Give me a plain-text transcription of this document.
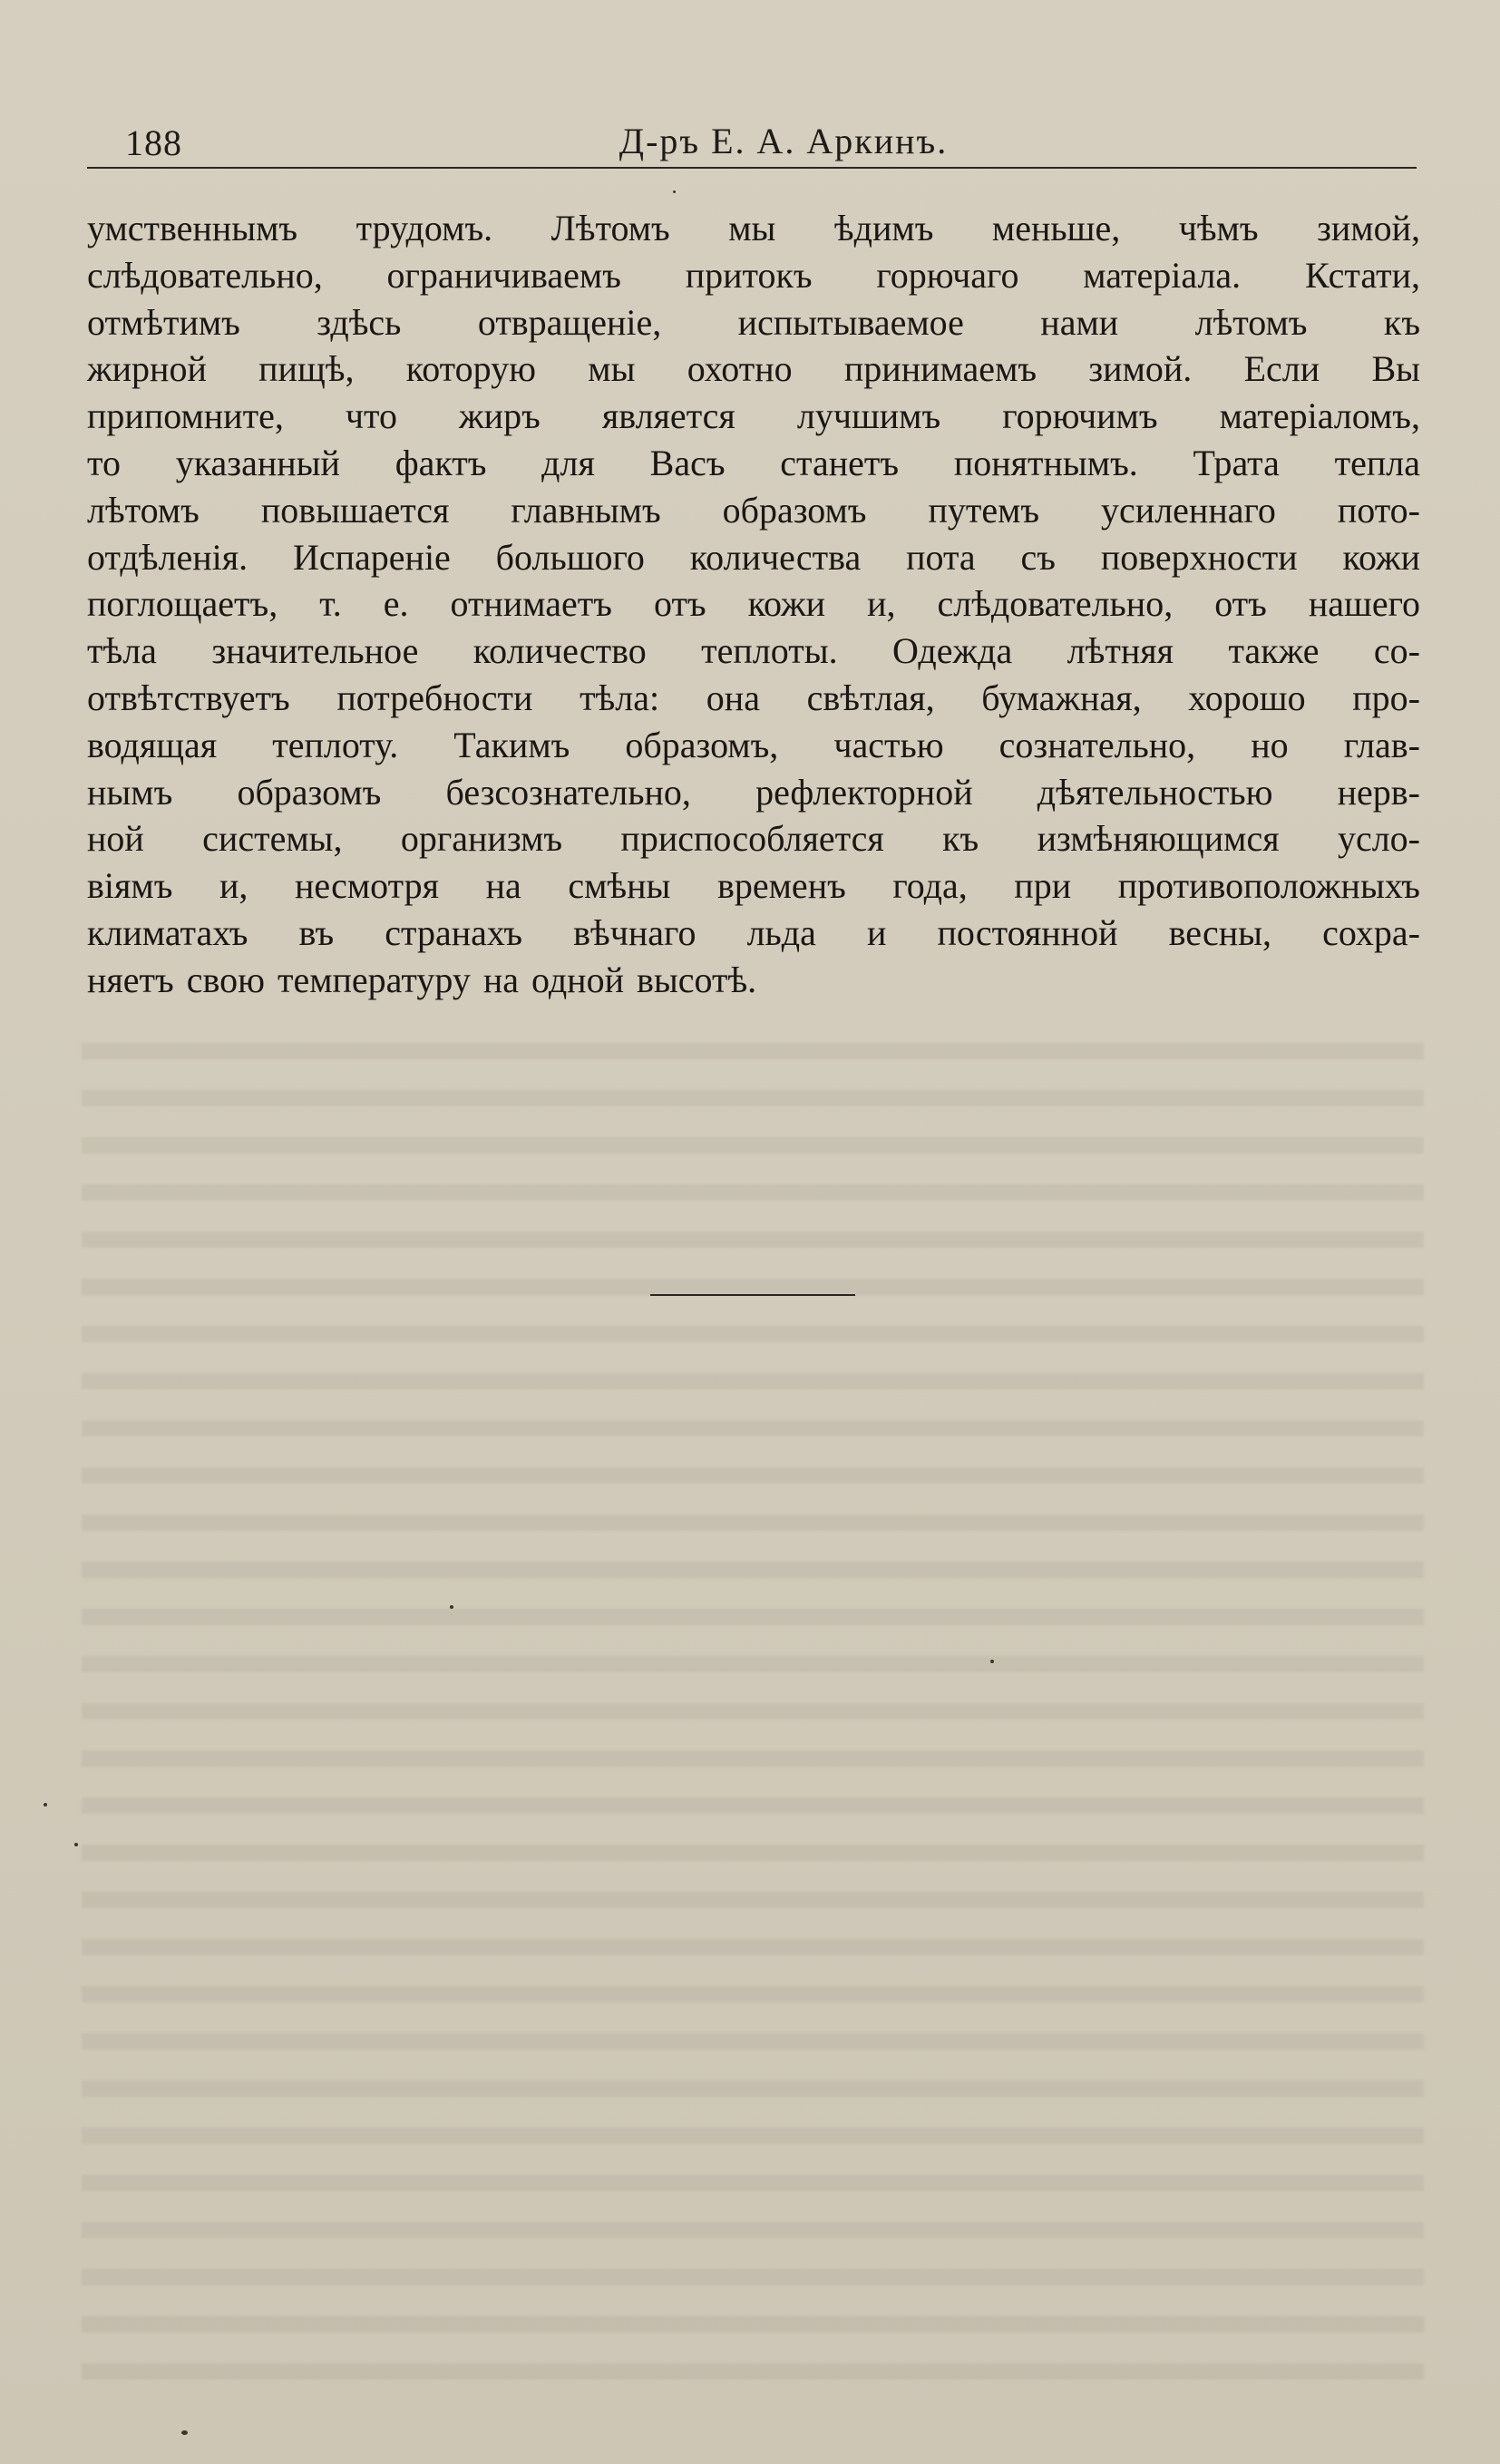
188	Д-ръ Е. А. Аркинъ.

умственнымъ трудомъ. Лѣтомъ мы ѣдимъ меньше, чѣмъ зимой,
слѣдовательно, ограничиваемъ притокъ горючаго матеріала. Кстати,
отмѣтимъ здѣсь отвращеніе, испытываемое нами лѣтомъ къ
жирной пищѣ, которую мы охотно принимаемъ зимой. Если Вы
припомните, что жиръ является лучшимъ горючимъ матеріаломъ,
то указанный фактъ для Васъ станетъ понятнымъ. Трата тепла
лѣтомъ повышается главнымъ образомъ путемъ усиленнаго пото-
отдѣленія. Испареніе большого количества пота съ поверхности кожи
поглощаетъ, т. е. отнимаетъ отъ кожи и, слѣдовательно, отъ нашего
тѣла значительное количество теплоты. Одежда лѣтняя также со-
отвѣтствуетъ потребности тѣла: она свѣтлая, бумажная, хорошо про-
водящая теплоту. Такимъ образомъ, частью сознательно, но глав-
нымъ образомъ безсознательно, рефлекторной дѣятельностью нерв-
ной системы, организмъ приспособляется къ измѣняющимся усло-
віямъ и, несмотря на смѣны временъ года, при противоположныхъ
климатахъ въ странахъ вѣчнаго льда и постоянной весны, сохра-
няетъ свою температуру на одной высотѣ.
